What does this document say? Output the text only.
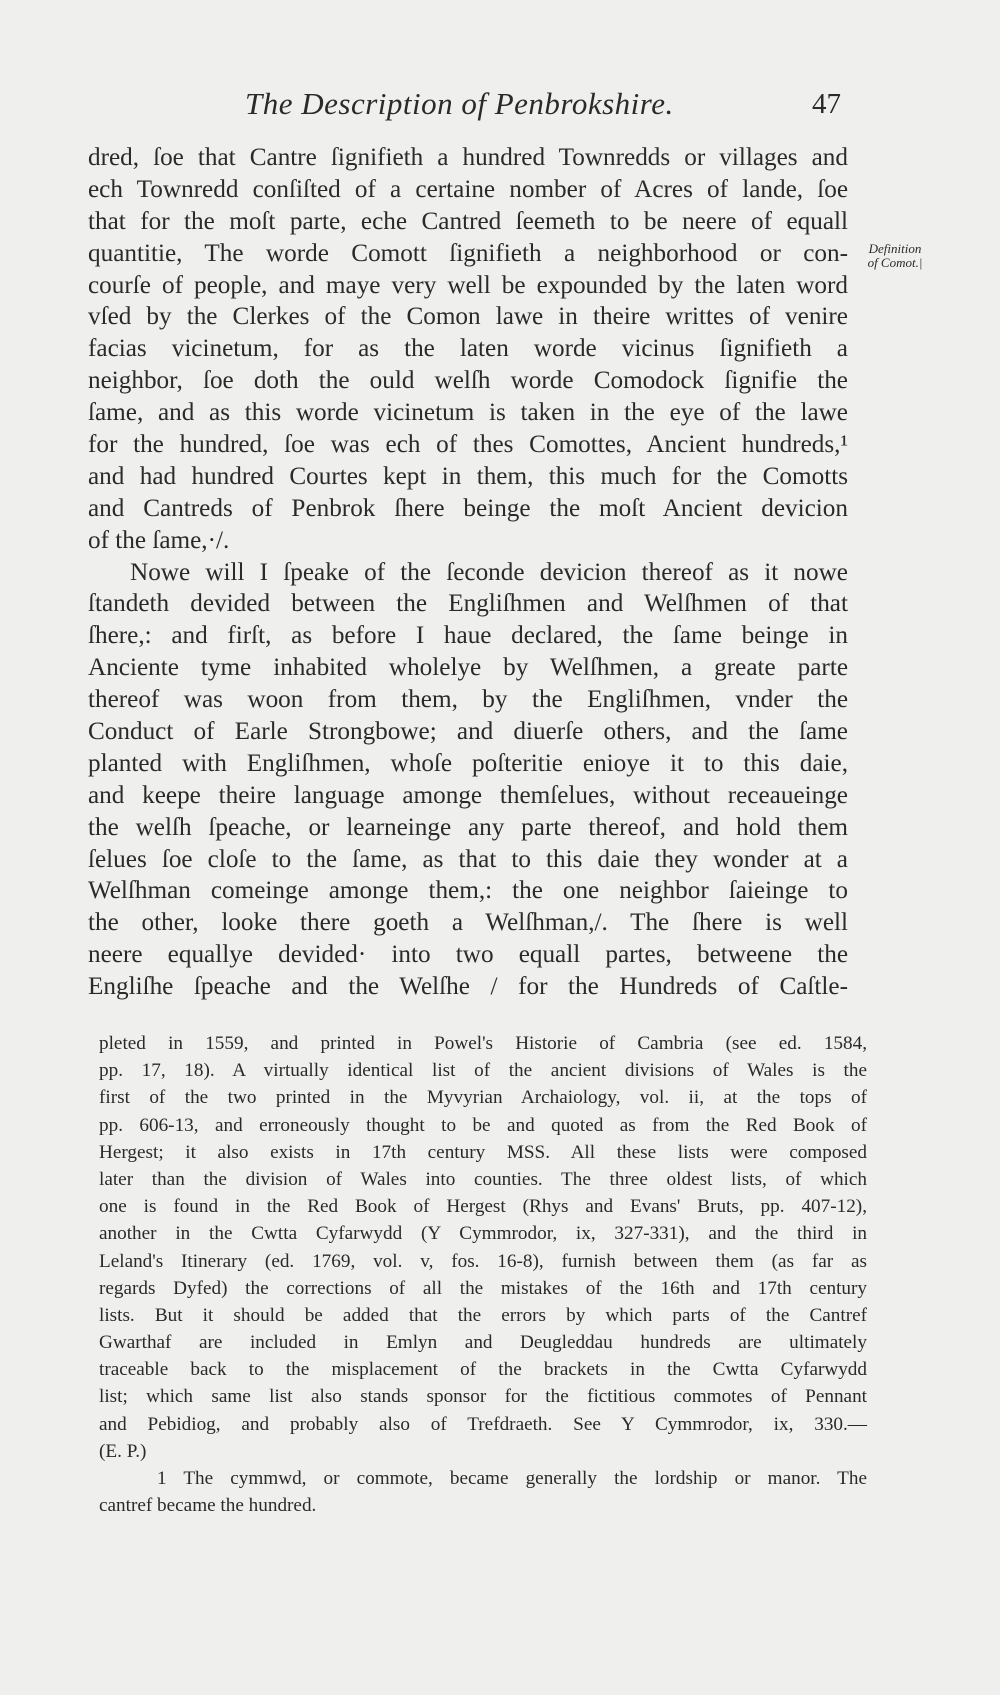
The Description of Penbrokshire.	47
Definition
of Comot.|
dred, ſoe that Cantre ſignifieth a hundred Townredds or villages and
ech Townredd conſiſted of a certaine nomber of Acres of lande, ſoe
that for the moſt parte, eche Cantred ſeemeth to be neere of equall
quantitie, The worde Comott ſignifieth a neighborhood or con-
courſe of people, and maye very well be expounded by the laten word
vſed by the Clerkes of the Comon lawe in theire writtes of venire
facias vicinetum, for as the laten worde vicinus ſignifieth a
neighbor, ſoe doth the ould welſh worde Comodock ſignifie the
ſame, and as this worde vicinetum is taken in the eye of the lawe
for the hundred, ſoe was ech of thes Comottes, Ancient hundreds,¹
and had hundred Courtes kept in them, this much for the Comotts
and Cantreds of Penbrok ſhere beinge the moſt Ancient devicion
of the ſame,·/.
Nowe will I ſpeake of the ſeconde devicion thereof as it nowe
ſtandeth devided between the Engliſhmen and Welſhmen of that
ſhere,: and firſt, as before I haue declared, the ſame beinge in
Anciente tyme inhabited wholelye by Welſhmen, a greate parte
thereof was woon from them, by the Engliſhmen, vnder the
Conduct of Earle Strongbowe; and diuerſe others, and the ſame
planted with Engliſhmen, whoſe poſteritie enioye it to this daie,
and keepe theire language amonge themſelues, without receaueinge
the welſh ſpeache, or learneinge any parte thereof, and hold them
ſelues ſoe cloſe to the ſame, as that to this daie they wonder at a
Welſhman comeinge amonge them,: the one neighbor ſaieinge to
the other, looke there goeth a Welſhman,/. The ſhere is well
neere equallye devided· into two equall partes, betweene the
Engliſhe ſpeache and the Welſhe / for the Hundreds of Caſtle-
pleted in 1559, and printed in Powel's Historie of Cambria (see ed. 1584,
pp. 17, 18). A virtually identical list of the ancient divisions of Wales is the
first of the two printed in the Myvyrian Archaiology, vol. ii, at the tops of
pp. 606-13, and erroneously thought to be and quoted as from the Red Book of
Hergest; it also exists in 17th century MSS. All these lists were composed
later than the division of Wales into counties. The three oldest lists, of which
one is found in the Red Book of Hergest (Rhys and Evans' Bruts, pp. 407-12),
another in the Cwtta Cyfarwydd (Y Cymmrodor, ix, 327-331), and the third in
Leland's Itinerary (ed. 1769, vol. v, fos. 16-8), furnish between them (as far as
regards Dyfed) the corrections of all the mistakes of the 16th and 17th century
lists. But it should be added that the errors by which parts of the Cantref
Gwarthaf are included in Emlyn and Deugleddau hundreds are ultimately
traceable back to the misplacement of the brackets in the Cwtta Cyfarwydd
list; which same list also stands sponsor for the fictitious commotes of Pennant
and Pebidiog, and probably also of Trefdraeth. See Y Cymmrodor, ix, 330.—
(E. P.)
1 The cymmwd, or commote, became generally the lordship or manor. The
cantref became the hundred.
